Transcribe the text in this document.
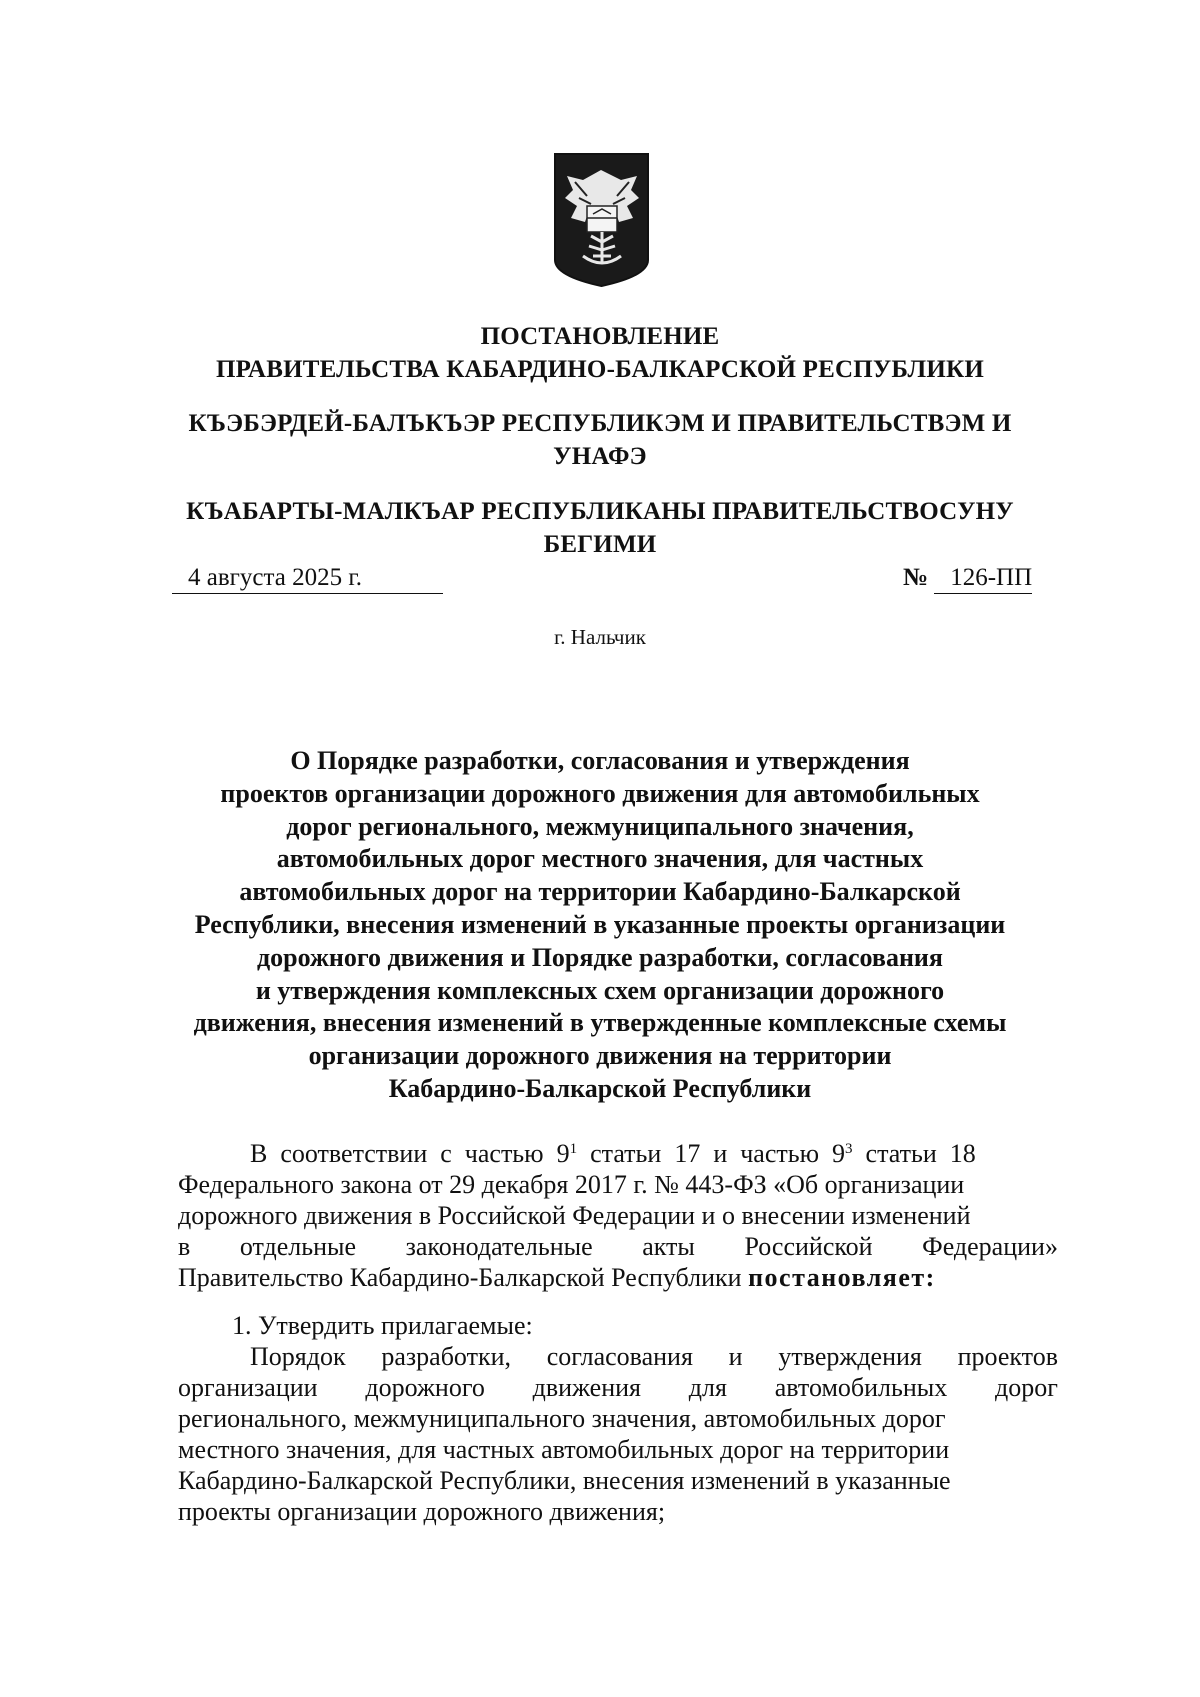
ПОСТАНОВЛЕНИЕ
ПРАВИТЕЛЬСТВА КАБАРДИНО-БАЛКАРСКОЙ РЕСПУБЛИКИ
КЪЭБЭРДЕЙ-БАЛЪКЪЭР РЕСПУБЛИКЭМ И ПРАВИТЕЛЬСТВЭМ И
УНАФЭ
КЪАБАРТЫ-МАЛКЪАР РЕСПУБЛИКАНЫ ПРАВИТЕЛЬСТВОСУНУ
БЕГИМИ
4 августа 2025 г.	№ 126-ПП
г. Нальчик
О Порядке разработки, согласования и утверждения
проектов организации дорожного движения для автомобильных
дорог регионального, межмуниципального значения,
автомобильных дорог местного значения, для частных
автомобильных дорог на территории Кабардино-Балкарской
Республики, внесения изменений в указанные проекты организации
дорожного движения и Порядке разработки, согласования
и утверждения комплексных схем организации дорожного
движения, внесения изменений в утвержденные комплексные схемы
организации дорожного движения на территории
Кабардино-Балкарской Республики
В  соответствии  с  частью  $9^1$ статьи  17  и  частью  $9^3$ статьи  18
Федерального закона от 29 декабря 2017 г. № 443-ФЗ «Об организации
дорожного движения в Российской Федерации и о внесении изменений
в отдельные законодательные акты Российской Федерации»
Правительство Кабардино-Балкарской Республики постановляет:
1. Утвердить прилагаемые:
Порядок разработки, согласования и утверждения проектов
организации дорожного движения для автомобильных дорог
регионального, межмуниципального значения, автомобильных дорог
местного значения, для частных автомобильных дорог на территории
Кабардино-Балкарской Республики, внесения изменений в указанные
проекты организации дорожного движения;
